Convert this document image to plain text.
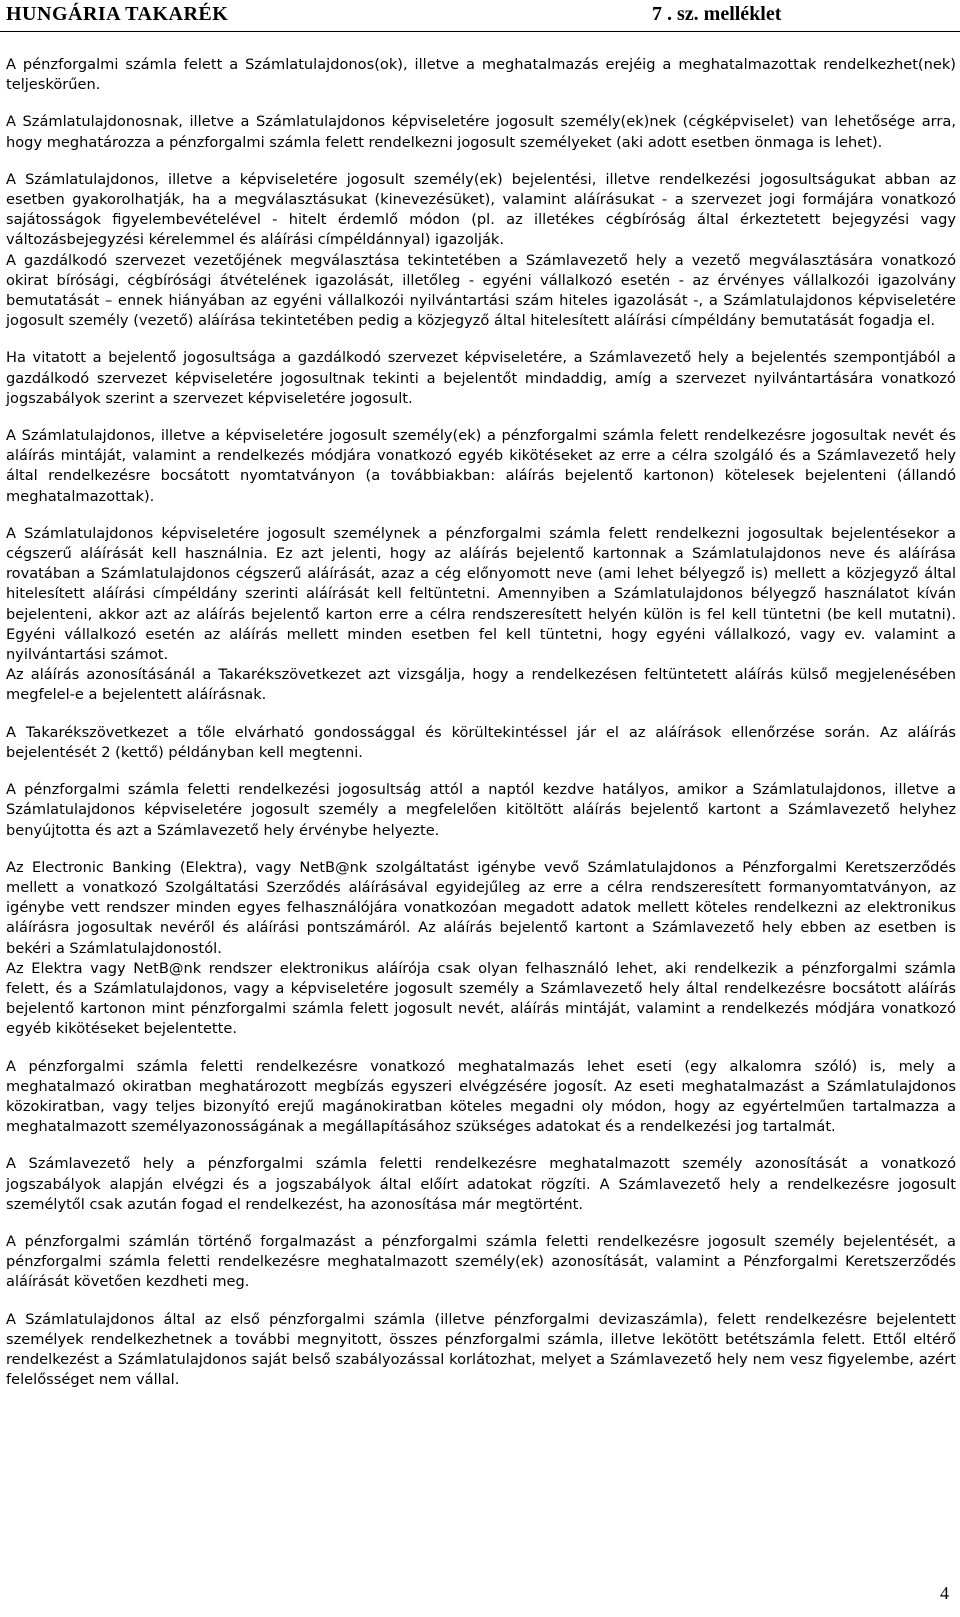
HUNGÁRIA TAKARÉK	7 . sz. melléklet

A pénzforgalmi számla felett a Számlatulajdonos(ok), illetve a meghatalmazás erejéig a meghatalmazottak rendelkezhet(nek) teljeskörűen.

A Számlatulajdonosnak, illetve a Számlatulajdonos képviseletére jogosult személy(ek)nek (cégképviselet) van lehetősége arra, hogy meghatározza a pénzforgalmi számla felett rendelkezni jogosult személyeket (aki adott esetben önmaga is lehet).

A Számlatulajdonos, illetve a képviseletére jogosult személy(ek) bejelentési, illetve rendelkezési jogosultságukat abban az esetben gyakorolhatják, ha a megválasztásukat (kinevezésüket), valamint aláírásukat - a szervezet jogi formájára vonatkozó sajátosságok figyelembevételével - hitelt érdemlő módon (pl. az illetékes cégbíróság által érkeztetett bejegyzési vagy változásbejegyzési kérelemmel és aláírási címpéldánnyal) igazolják.

A gazdálkodó szervezet vezetőjének megválasztása tekintetében a Számlavezető hely a vezető megválasztására vonatkozó okirat bírósági, cégbírósági átvételének igazolását, illetőleg - egyéni vállalkozó esetén - az érvényes vállalkozói igazolvány bemutatását – ennek hiányában az egyéni vállalkozói nyilvántartási szám hiteles igazolását -, a Számlatulajdonos képviseletére jogosult személy (vezető) aláírása tekintetében pedig a közjegyző által hitelesített aláírási címpéldány bemutatását fogadja el.

Ha vitatott a bejelentő jogosultsága a gazdálkodó szervezet képviseletére, a Számlavezető hely a bejelentés szempontjából a gazdálkodó szervezet képviseletére jogosultnak tekinti a bejelentőt mindaddig, amíg a szervezet nyilvántartására vonatkozó jogszabályok szerint a szervezet képviseletére jogosult.

A Számlatulajdonos, illetve a képviseletére jogosult személy(ek) a pénzforgalmi számla felett rendelkezésre jogosultak nevét és aláírás mintáját, valamint a rendelkezés módjára vonatkozó egyéb kikötéseket az erre a célra szolgáló és a Számlavezető hely által rendelkezésre bocsátott nyomtatványon (a továbbiakban: aláírás bejelentő kartonon) kötelesek bejelenteni (állandó meghatalmazottak).

A Számlatulajdonos képviseletére jogosult személynek a pénzforgalmi számla felett rendelkezni jogosultak bejelentésekor a cégszerű aláírását kell használnia. Ez azt jelenti, hogy az aláírás bejelentő kartonnak a Számlatulajdonos neve és aláírása rovatában a Számlatulajdonos cégszerű aláírását, azaz a cég előnyomott neve (ami lehet bélyegző is) mellett a közjegyző által hitelesített aláírási címpéldány szerinti aláírását kell feltüntetni. Amennyiben a Számlatulajdonos bélyegző használatot kíván bejelenteni, akkor azt az aláírás bejelentő karton erre a célra rendszeresített helyén külön is fel kell tüntetni (be kell mutatni). Egyéni vállalkozó esetén az aláírás mellett minden esetben fel kell tüntetni, hogy egyéni vállalkozó, vagy ev. valamint a nyilvántartási számot.

Az aláírás azonosításánál a Takarékszövetkezet azt vizsgálja, hogy a rendelkezésen feltüntetett aláírás külső megjelenésében megfelel-e a bejelentett aláírásnak.

A Takarékszövetkezet a tőle elvárható gondossággal és körültekintéssel jár el az aláírások ellenőrzése során. Az aláírás bejelentését 2 (kettő) példányban kell megtenni.

A pénzforgalmi számla feletti rendelkezési jogosultság attól a naptól kezdve hatályos, amikor a Számlatulajdonos, illetve a Számlatulajdonos képviseletére jogosult személy a megfelelően kitöltött aláírás bejelentő kartont a Számlavezető helyhez benyújtotta és azt a Számlavezető hely érvénybe helyezte.

Az Electronic Banking (Elektra), vagy NetB@nk szolgáltatást igénybe vevő Számlatulajdonos a Pénzforgalmi Keretszerződés mellett a vonatkozó Szolgáltatási Szerződés aláírásával egyidejűleg az erre a célra rendszeresített formanyomtatványon, az igénybe vett rendszer minden egyes felhasználójára vonatkozóan megadott adatok mellett köteles rendelkezni az elektronikus aláírásra jogosultak nevéről és aláírási pontszámáról. Az aláírás bejelentő kartont a Számlavezető hely ebben az esetben is bekéri a Számlatulajdonostól.

Az Elektra vagy NetB@nk rendszer elektronikus aláírója csak olyan felhasználó lehet, aki rendelkezik a pénzforgalmi számla felett, és a Számlatulajdonos, vagy a képviseletére jogosult személy a Számlavezető hely által rendelkezésre bocsátott aláírás bejelentő kartonon mint pénzforgalmi számla felett jogosult nevét, aláírás mintáját, valamint a rendelkezés módjára vonatkozó egyéb kikötéseket bejelentette.

A pénzforgalmi számla feletti rendelkezésre vonatkozó meghatalmazás lehet eseti (egy alkalomra szóló) is, mely a meghatalmazó okiratban meghatározott megbízás egyszeri elvégzésére jogosít. Az eseti meghatalmazást a Számlatulajdonos közokiratban, vagy teljes bizonyító erejű magánokiratban köteles megadni oly módon, hogy az egyértelműen tartalmazza a meghatalmazott személyazonosságának a megállapításához szükséges adatokat és a rendelkezési jog tartalmát.

A Számlavezető hely a pénzforgalmi számla feletti rendelkezésre meghatalmazott személy azonosítását a vonatkozó jogszabályok alapján elvégzi és a jogszabályok által előírt adatokat rögzíti. A Számlavezető hely a rendelkezésre jogosult személytől csak azután fogad el rendelkezést, ha azonosítása már megtörtént.

A pénzforgalmi számlán történő forgalmazást a pénzforgalmi számla feletti rendelkezésre jogosult személy bejelentését, a pénzforgalmi számla feletti rendelkezésre meghatalmazott személy(ek) azonosítását, valamint a Pénzforgalmi Keretszerződés aláírását követően kezdheti meg.

A Számlatulajdonos által az első pénzforgalmi számla (illetve pénzforgalmi devizaszámla), felett rendelkezésre bejelentett személyek rendelkezhetnek a további megnyitott, összes pénzforgalmi számla, illetve lekötött betétszámla felett. Ettől eltérő rendelkezést a Számlatulajdonos saját belső szabályozással korlátozhat, melyet a Számlavezető hely nem vesz figyelembe, azért felelősséget nem vállal.

4
